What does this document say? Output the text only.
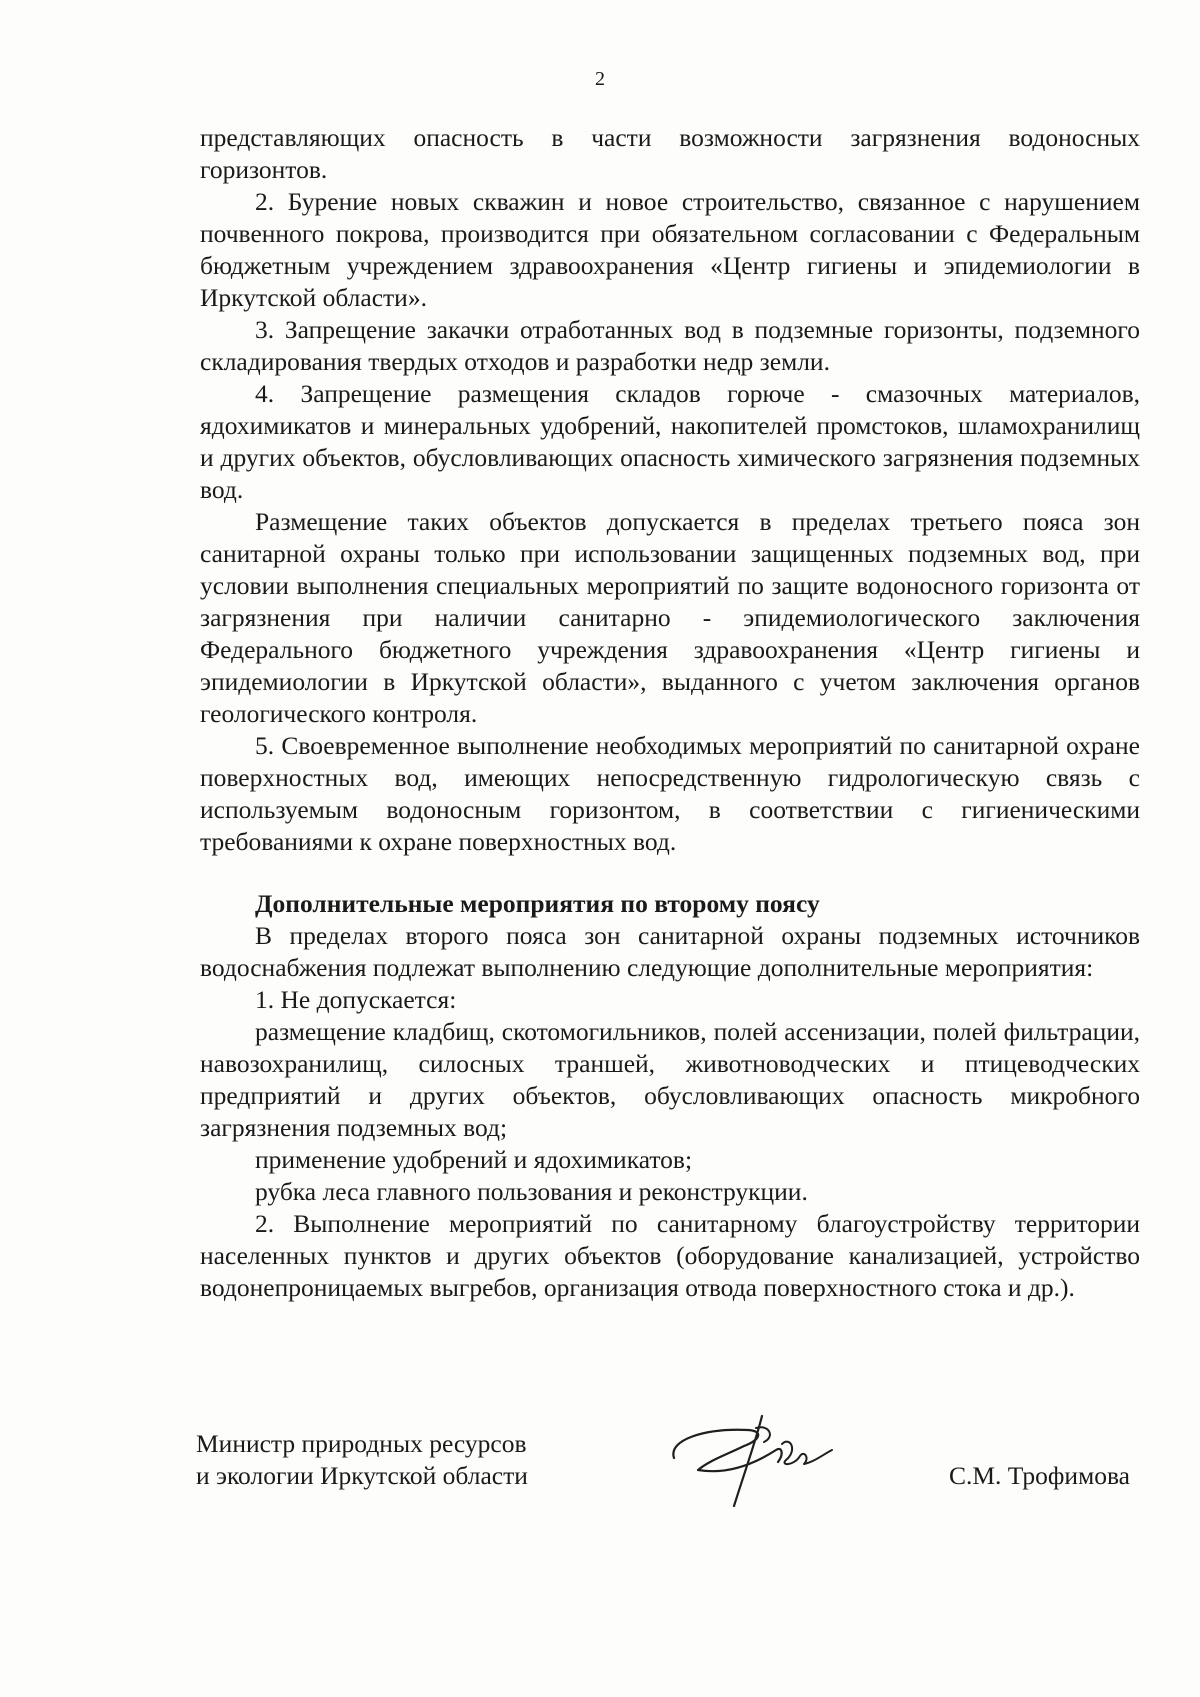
2

представляющих опасность в части возможности загрязнения водоносных горизонтов.

2. Бурение новых скважин и новое строительство, связанное с нарушением почвенного покрова, производится при обязательном согласовании с Федеральным бюджетным учреждением здравоохранения «Центр гигиены и эпидемиологии в Иркутской области».

3. Запрещение закачки отработанных вод в подземные горизонты, подземного складирования твердых отходов и разработки недр земли.

4. Запрещение размещения складов горюче - смазочных материалов, ядохимикатов и минеральных удобрений, накопителей промстоков, шламохранилищ и других объектов, обусловливающих опасность химического загрязнения подземных вод.

Размещение таких объектов допускается в пределах третьего пояса зон санитарной охраны только при использовании защищенных подземных вод, при условии выполнения специальных мероприятий по защите водоносного горизонта от загрязнения при наличии санитарно - эпидемиологического заключения Федерального бюджетного учреждения здравоохранения «Центр гигиены и эпидемиологии в Иркутской области», выданного с учетом заключения органов геологического контроля.

5. Своевременное выполнение необходимых мероприятий по санитарной охране поверхностных вод, имеющих непосредственную гидрологическую связь с используемым водоносным горизонтом, в соответствии с гигиеническими требованиями к охране поверхностных вод.

Дополнительные мероприятия по второму поясу

В пределах второго пояса зон санитарной охраны подземных источников водоснабжения подлежат выполнению следующие дополнительные мероприятия:

1. Не допускается:

размещение кладбищ, скотомогильников, полей ассенизации, полей фильтрации, навозохранилищ, силосных траншей, животноводческих и птицеводческих предприятий и других объектов, обусловливающих опасность микробного загрязнения подземных вод;

применение удобрений и ядохимикатов;

рубка леса главного пользования и реконструкции.

2. Выполнение мероприятий по санитарному благоустройству территории населенных пунктов и других объектов (оборудование канализацией, устройство водонепроницаемых выгребов, организация отвода поверхностного стока и др.).

Министр природных ресурсов
и экологии Иркутской области	С.М. Трофимова
